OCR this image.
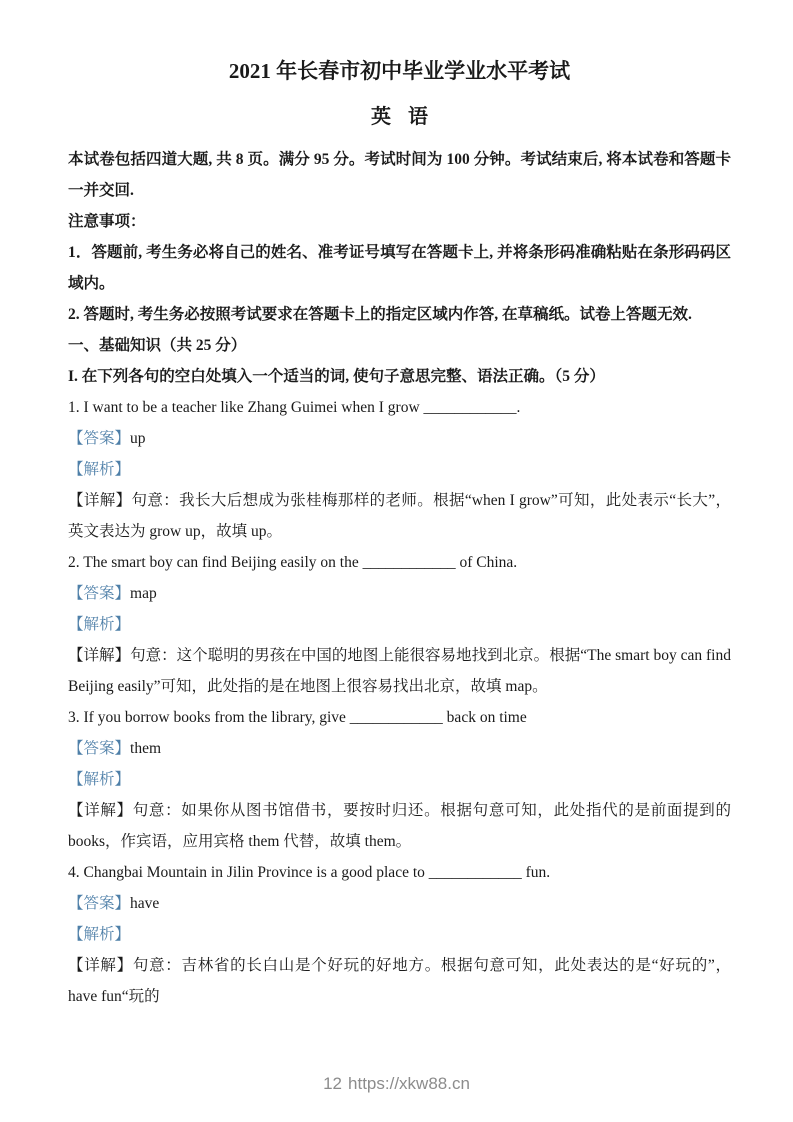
2021 年长春市初中毕业学业水平考试
英 语

本试卷包括四道大题, 共 8 页。满分 95 分。考试时间为 100 分钟。考试结束后, 将本试卷和答题卡一并交回.

注意事项：

1．答题前, 考生务必将自己的姓名、准考证号填写在答题卡上, 并将条形码准确粘贴在条形码码区域内。

2. 答题时, 考生务必按照考试要求在答题卡上的指定区域内作答, 在草稿纸。试卷上答题无效.

一、基础知识（共 25 分）

I. 在下列各句的空白处填入一个适当的词, 使句子意思完整、语法正确。（5 分）

1. I want to be a teacher like Zhang Guimei when I grow ____________.

【答案】up

【解析】

【详解】句意：我长大后想成为张桂梅那样的老师。根据“when I grow”可知，此处表示“长大”，英文表达为 grow up，故填 up。

2. The smart boy can find Beijing easily on the ____________ of China.

【答案】map

【解析】

【详解】句意：这个聪明的男孩在中国的地图上能很容易地找到北京。根据“The smart boy can find Beijing easily”可知，此处指的是在地图上很容易找出北京，故填 map。

3. If you borrow books from the library, give ____________ back on time

【答案】them

【解析】

【详解】句意：如果你从图书馆借书，要按时归还。根据句意可知，此处指代的是前面提到的 books，作宾语，应用宾格 them 代替，故填 them。

4. Changbai Mountain in Jilin Province is a good place to ____________ fun.

【答案】have

【解析】

【详解】句意：吉林省的长白山是个好玩的好地方。根据句意可知，此处表达的是“好玩的”，have fun“玩的

12 https://xkw88.cn
